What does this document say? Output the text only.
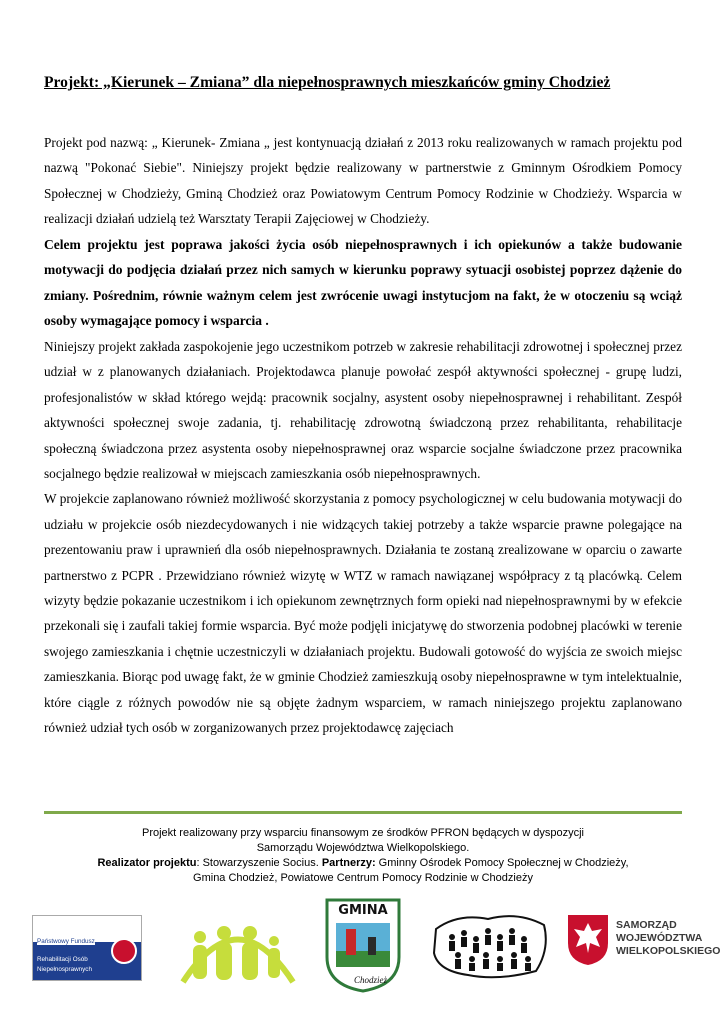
Projekt: „Kierunek – Zmiana” dla niepełnosprawnych mieszkańców gminy Chodzież

Projekt pod nazwą: „ Kierunek- Zmiana „ jest kontynuacją działań z 2013 roku realizowanych w ramach projektu pod nazwą "Pokonać Siebie". Niniejszy projekt będzie realizowany w partnerstwie z Gminnym Ośrodkiem Pomocy Społecznej w Chodzieży, Gminą Chodzież oraz Powiatowym Centrum Pomocy Rodzinie w Chodzieży. Wsparcia w realizacji działań udzielą też Warsztaty Terapii Zajęciowej w Chodzieży.

Celem projektu jest poprawa jakości życia osób niepełnosprawnych i ich opiekunów a także budowanie motywacji do podjęcia działań przez nich samych w kierunku poprawy sytuacji osobistej poprzez dążenie do zmiany. Pośrednim, równie ważnym celem jest zwrócenie uwagi instytucjom na fakt, że w otoczeniu są wciąż osoby wymagające pomocy i wsparcia .

Niniejszy projekt zakłada zaspokojenie jego uczestnikom potrzeb w zakresie rehabilitacji zdrowotnej i społecznej przez udział w z planowanych działaniach. Projektodawca planuje powołać zespół aktywności społecznej - grupę ludzi, profesjonalistów w skład którego wejdą: pracownik socjalny, asystent osoby niepełnosprawnej i rehabilitant. Zespół aktywności społecznej swoje zadania, tj. rehabilitację zdrowotną świadczoną przez rehabilitanta, rehabilitacje społeczną świadczona przez asystenta osoby niepełnosprawnej oraz wsparcie socjalne świadczone przez pracownika socjalnego będzie realizował w miejscach zamieszkania osób niepełnosprawnych.

W projekcie zaplanowano również możliwość skorzystania z pomocy psychologicznej w celu budowania motywacji do udziału w projekcie osób niezdecydowanych i nie widzących takiej potrzeby a także wsparcie prawne polegające na prezentowaniu praw i uprawnień dla osób niepełnosprawnych. Działania te zostaną zrealizowane w oparciu o zawarte partnerstwo z PCPR . Przewidziano również wizytę w WTZ w ramach nawiązanej współpracy z tą placówką. Celem wizyty będzie pokazanie uczestnikom i ich opiekunom zewnętrznych form opieki nad niepełnosprawnymi by w efekcie przekonali się i zaufali takiej formie wsparcia. Być może podjęli inicjatywę do stworzenia podobnej placówki w terenie swojego zamieszkania i chętnie uczestniczyli w działaniach projektu. Budowali gotowość do wyjścia ze swoich miejsc zamieszkania. Biorąc pod uwagę fakt, że w gminie Chodzież zamieszkują osoby niepełnosprawne w tym intelektualnie, które ciągle z różnych powodów nie są objęte żadnym wsparciem, w ramach niniejszego projektu zaplanowano również udział tych osób w zorganizowanych przez projektodawcę zajęciach

Projekt realizowany przy wsparciu finansowym ze środków PFRON będących w dyspozycji
Samorządu Województwa Wielkopolskiego.
Realizator projektu: Stowarzyszenie Socius. Partnerzy: Gminny Ośrodek Pomocy Społecznej w Chodzieży,
Gmina Chodzież, Powiatowe Centrum Pomocy Rodzinie w Chodzieży
Państwowy Fundusz
Rehabilitacji Osób
Niepełnosprawnych
GMINA
Chodzież
SAMORZĄD
WOJEWÓDZTWA
WIELKOPOLSKIEGO
